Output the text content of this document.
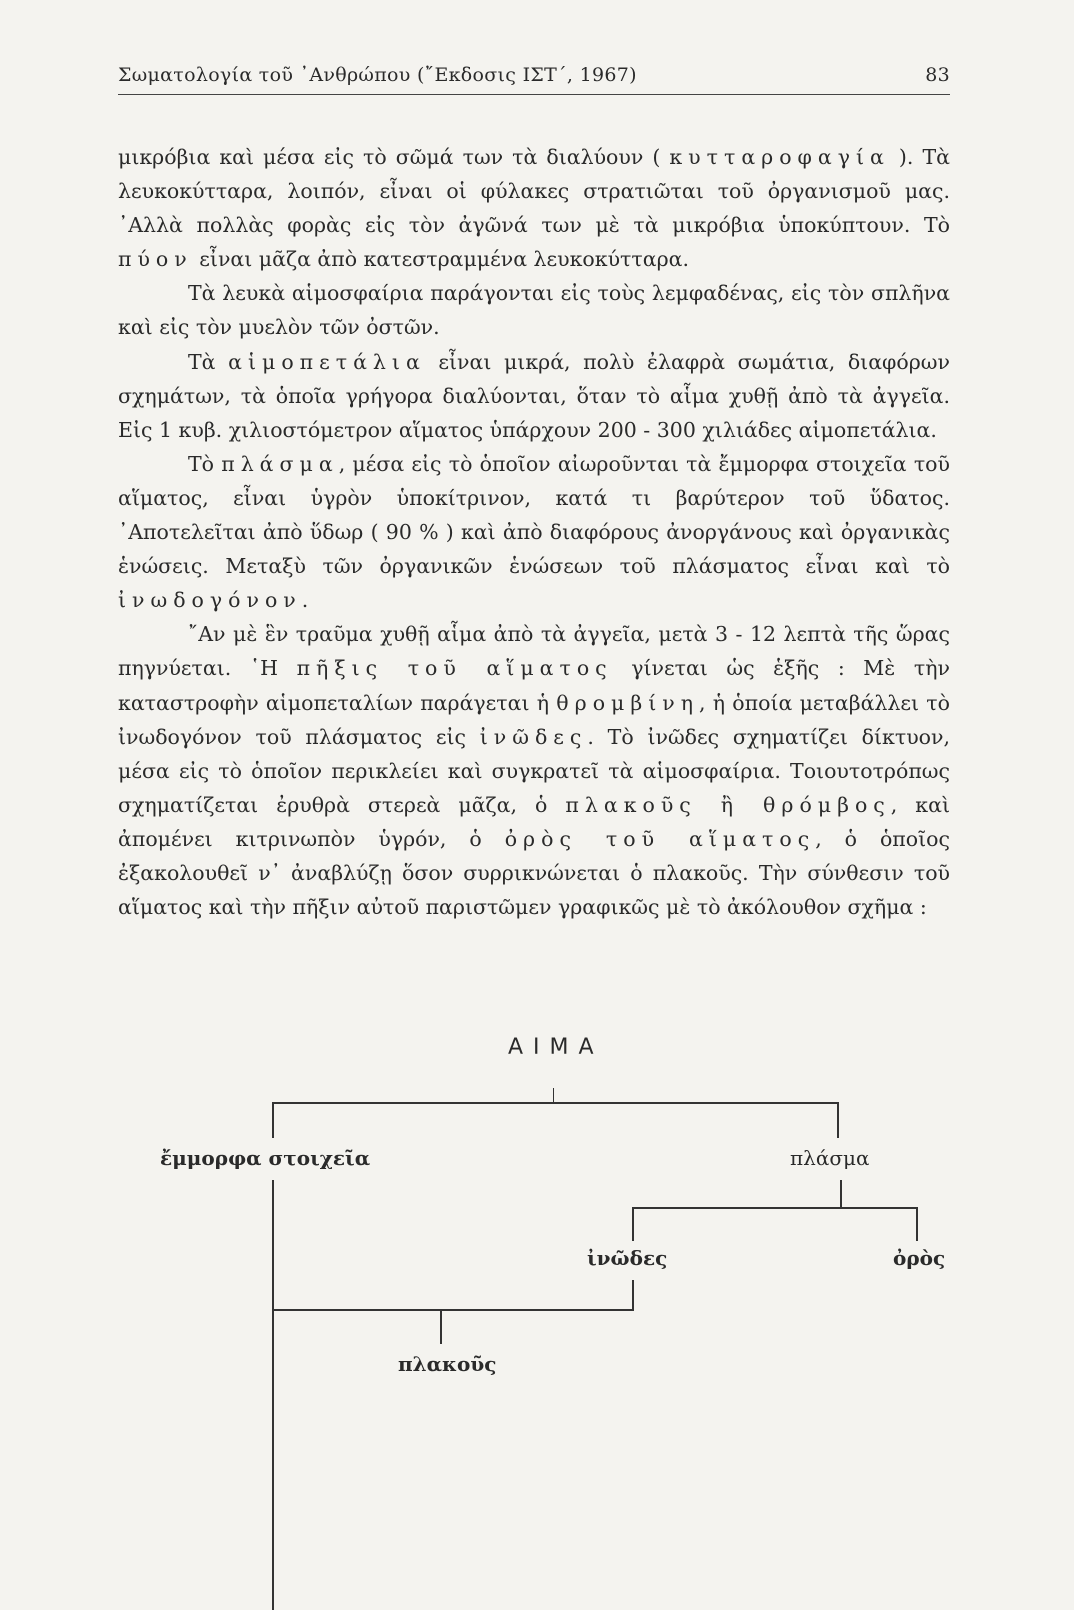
Σωματολογία τοῦ ᾿Ανθρώπου (῎Εκδοσις ΙΣΤ΄, 1967)	83

μικρόβια καὶ μέσα εἰς τὸ σῶμά των τὰ διαλύουν ( κυτταροφαγία ). Τὰ λευκοκύτταρα, λοιπόν, εἶναι οἱ φύλακες στρατιῶται τοῦ ὀργανισμοῦ μας. ᾿Αλλὰ πολλὰς φορὰς εἰς τὸν ἀγῶνά των μὲ τὰ μικρόβια ὑποκύπτουν. Τὸ πύον εἶναι μᾶζα ἀπὸ κατεστραμμένα λευκοκύτταρα.

Τὰ λευκὰ αἱμοσφαίρια παράγονται εἰς τοὺς λεμφαδένας, εἰς τὸν σπλῆνα καὶ εἰς τὸν μυελὸν τῶν ὀστῶν.

Τὰ αἱμοπετάλια εἶναι μικρά, πολὺ ἐλαφρὰ σωμάτια, διαφόρων σχημάτων, τὰ ὁποῖα γρήγορα διαλύονται, ὅταν τὸ αἷμα χυθῇ ἀπὸ τὰ ἀγγεῖα. Εἰς 1 κυβ. χιλιοστόμετρον αἵματος ὑπάρχουν 200 - 300 χιλιάδες αἱμοπετάλια.

Τὸ πλάσμα, μέσα εἰς τὸ ὁποῖον αἰωροῦνται τὰ ἔμμορφα στοιχεῖα τοῦ αἵματος, εἶναι ὑγρὸν ὑποκίτρινον, κατά τι βαρύτερον τοῦ ὕδατος. ᾿Αποτελεῖται ἀπὸ ὕδωρ ( 90 % ) καὶ ἀπὸ διαφόρους ἀνοργάνους καὶ ὀργανικὰς ἑνώσεις. Μεταξὺ τῶν ὀργανικῶν ἑνώσεων τοῦ πλάσματος εἶναι καὶ τὸ ἰνωδογόνον.

῎Αν μὲ ἓν τραῦμα χυθῇ αἷμα ἀπὸ τὰ ἀγγεῖα, μετὰ 3 - 12 λεπτὰ τῆς ὥρας πηγνύεται. ῾Η πῆξις τοῦ αἵματος γίνεται ὡς ἑξῆς : Μὲ τὴν καταστροφὴν αἱμοπεταλίων παράγεται ἡ θρομβίνη, ἡ ὁποία μεταβάλλει τὸ ἰνωδογόνον τοῦ πλάσματος εἰς ἰνῶδες. Τὸ ἰνῶδες σχηματίζει δίκτυον, μέσα εἰς τὸ ὁποῖον περικλείει καὶ συγκρατεῖ τὰ αἱμοσφαίρια. Τοιουτοτρόπως σχηματίζεται ἐρυθρὰ στερεὰ μᾶζα, ὁ πλακοῦς ἢ θρόμβος, καὶ ἀπομένει κιτρινωπὸν ὑγρόν, ὁ ὀρὸς τοῦ αἵματος, ὁ ὁποῖος ἐξακολουθεῖ ν᾿ ἀναβλύζῃ ὅσον συρρικνώνεται ὁ πλακοῦς. Τὴν σύνθεσιν τοῦ αἵματος καὶ τὴν πῆξιν αὐτοῦ παριστῶμεν γραφικῶς μὲ τὸ ἀκόλουθον σχῆμα :

ΑΙΜΑ
ἔμμορφα στοιχεῖα	πλάσμα
ἰνῶδες	ὀρὸς
πλακοῦς
